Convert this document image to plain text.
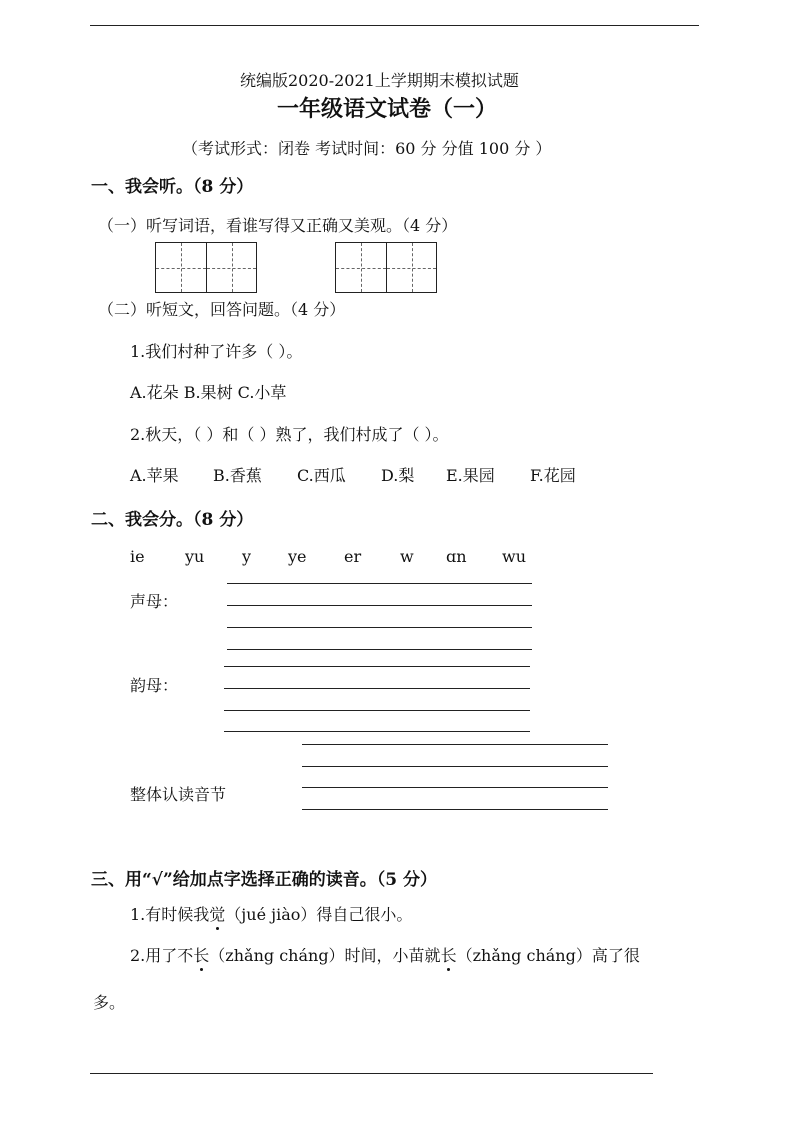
统编版2020-2021上学期期末模拟试题
一年级语文试卷（一）
（考试形式：闭卷 考试时间：60 分 分值 100 分 ）
一、我会听。（8 分）
（一）听写词语，看谁写得又正确又美观。（4 分）
（二）听短文，回答问题。（4 分）
1.我们村种了许多（ ）。
A.花朵 B.果树 C.小草
2.秋天，（ ）和（ ）熟了，我们村成了（ ）。
A.苹果 B.香蕉 C.西瓜 D.梨 E.果园 F.花园
二、我会分。（8 分）
ie	yu y ye er w ɑn wu
声母：
韵母：
整体认读音节
三、用“√”给加点字选择正确的读音。（5 分）
1.有时候我觉（jué jiào）得自己很小。
2.用了不长（zhǎng cháng）时间，小苗就长（zhǎng cháng）高了很
多。
